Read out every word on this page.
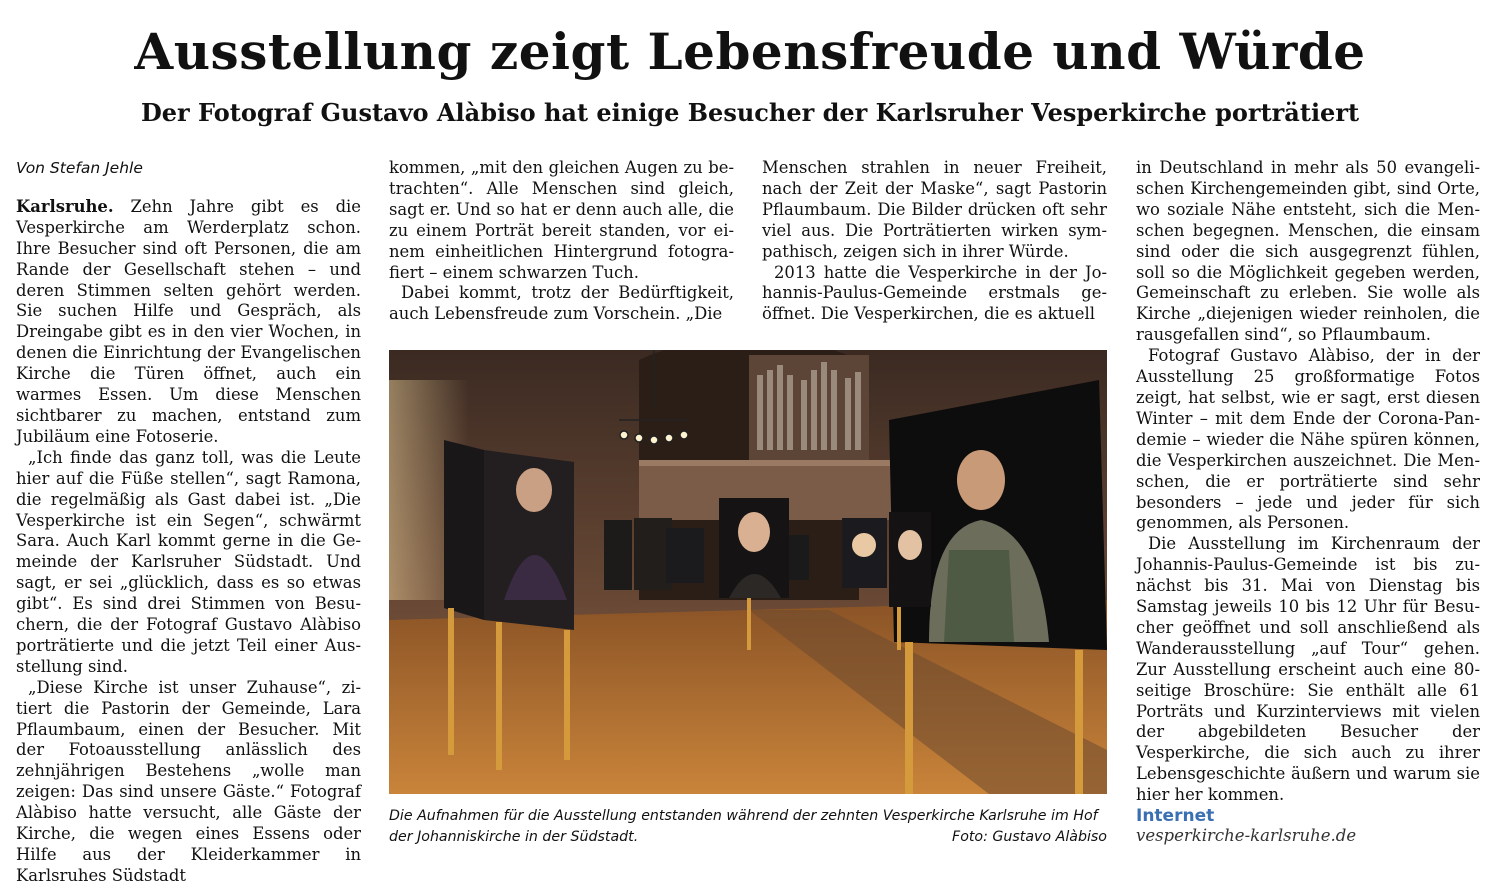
Ausstellung zeigt Lebensfreude und Würde
Der Fotograf Gustavo Alàbiso hat einige Besucher der Karlsruher Vesperkirche porträtiert

Von Stefan Jehle

Karlsruhe. Zehn Jahre gibt es die Vesperkirche am Werderplatz schon. Ihre Besucher sind oft Personen, die am Rande der Gesellschaft stehen – und deren Stimmen selten gehört werden. Sie suchen Hilfe und Gespräch, als Dreingabe gibt es in den vier Wochen, in denen die Einrichtung der Evangelischen Kirche die Türen öffnet, auch ein warmes Essen. Um diese Menschen sichtbarer zu machen, entstand zum Jubiläum eine Fotoserie.

„Ich finde das ganz toll, was die Leute hier auf die Füße stellen“, sagt Ramona, die regelmäßig als Gast dabei ist. „Die Vesperkirche ist ein Segen“, schwärmt Sara. Auch Karl kommt gerne in die Gemeinde der Karlsruher Südstadt. Und sagt, er sei „glücklich, dass es so etwas gibt“. Es sind drei Stimmen von Besuchern, die der Fotograf Gustavo Alàbiso porträtierte und die jetzt Teil einer Ausstellung sind.

„Diese Kirche ist unser Zuhause“, zitiert die Pastorin der Gemeinde, Lara Pflaumbaum, einen der Besucher. Mit der Fotoausstellung anlässlich des zehnjährigen Bestehens „wolle man zeigen: Das sind unsere Gäste.“ Fotograf Alàbiso hatte versucht, alle Gäste der Kirche, die wegen eines Essens oder Hilfe aus der Kleiderkammer in Karlsruhes Südstadt

kommen, „mit den gleichen Augen zu betrachten“. Alle Menschen sind gleich, sagt er. Und so hat er denn auch alle, die zu einem Porträt bereit standen, vor einem einheitlichen Hintergrund fotografiert – einem schwarzen Tuch.

Dabei kommt, trotz der Bedürftigkeit, auch Lebensfreude zum Vorschein. „Die

Menschen strahlen in neuer Freiheit, nach der Zeit der Maske“, sagt Pastorin Pflaumbaum. Die Bilder drücken oft sehr viel aus. Die Porträtierten wirken sympathisch, zeigen sich in ihrer Würde.

2013 hatte die Vesperkirche in der Johannis-Paulus-Gemeinde erstmals geöffnet. Die Vesperkirchen, die es aktuell

in Deutschland in mehr als 50 evangelischen Kirchengemeinden gibt, sind Orte, wo soziale Nähe entsteht, sich die Menschen begegnen. Menschen, die einsam sind oder die sich ausgegrenzt fühlen, soll so die Möglichkeit gegeben werden, Gemeinschaft zu erleben. Sie wolle als Kirche „diejenigen wieder reinholen, die rausgefallen sind“, so Pflaumbaum.

Fotograf Gustavo Alàbiso, der in der Ausstellung 25 großformatige Fotos zeigt, hat selbst, wie er sagt, erst diesen Winter – mit dem Ende der Corona-Pandemie – wieder die Nähe spüren können, die Vesperkirchen auszeichnet. Die Menschen, die er porträtierte sind sehr besonders – jede und jeder für sich genommen, als Personen.

Die Ausstellung im Kirchenraum der Johannis-Paulus-Gemeinde ist bis zunächst bis 31. Mai von Dienstag bis Samstag jeweils 10 bis 12 Uhr für Besucher geöffnet und soll anschließend als Wanderausstellung „auf Tour“ gehen. Zur Ausstellung erscheint auch eine 80-seitige Broschüre: Sie enthält alle 61 Porträts und Kurzinterviews mit vielen der abgebildeten Besucher der Vesperkirche, die sich auch zu ihrer Lebensgeschichte äußern und warum sie hier her kommen.

Die Aufnahmen für die Ausstellung entstanden während der zehnten Vesperkirche Karlsruhe im Hof der Johanniskirche in der Südstadt.	Foto: Gustavo Alàbiso
Internet
vesperkirche-karlsruhe.de
